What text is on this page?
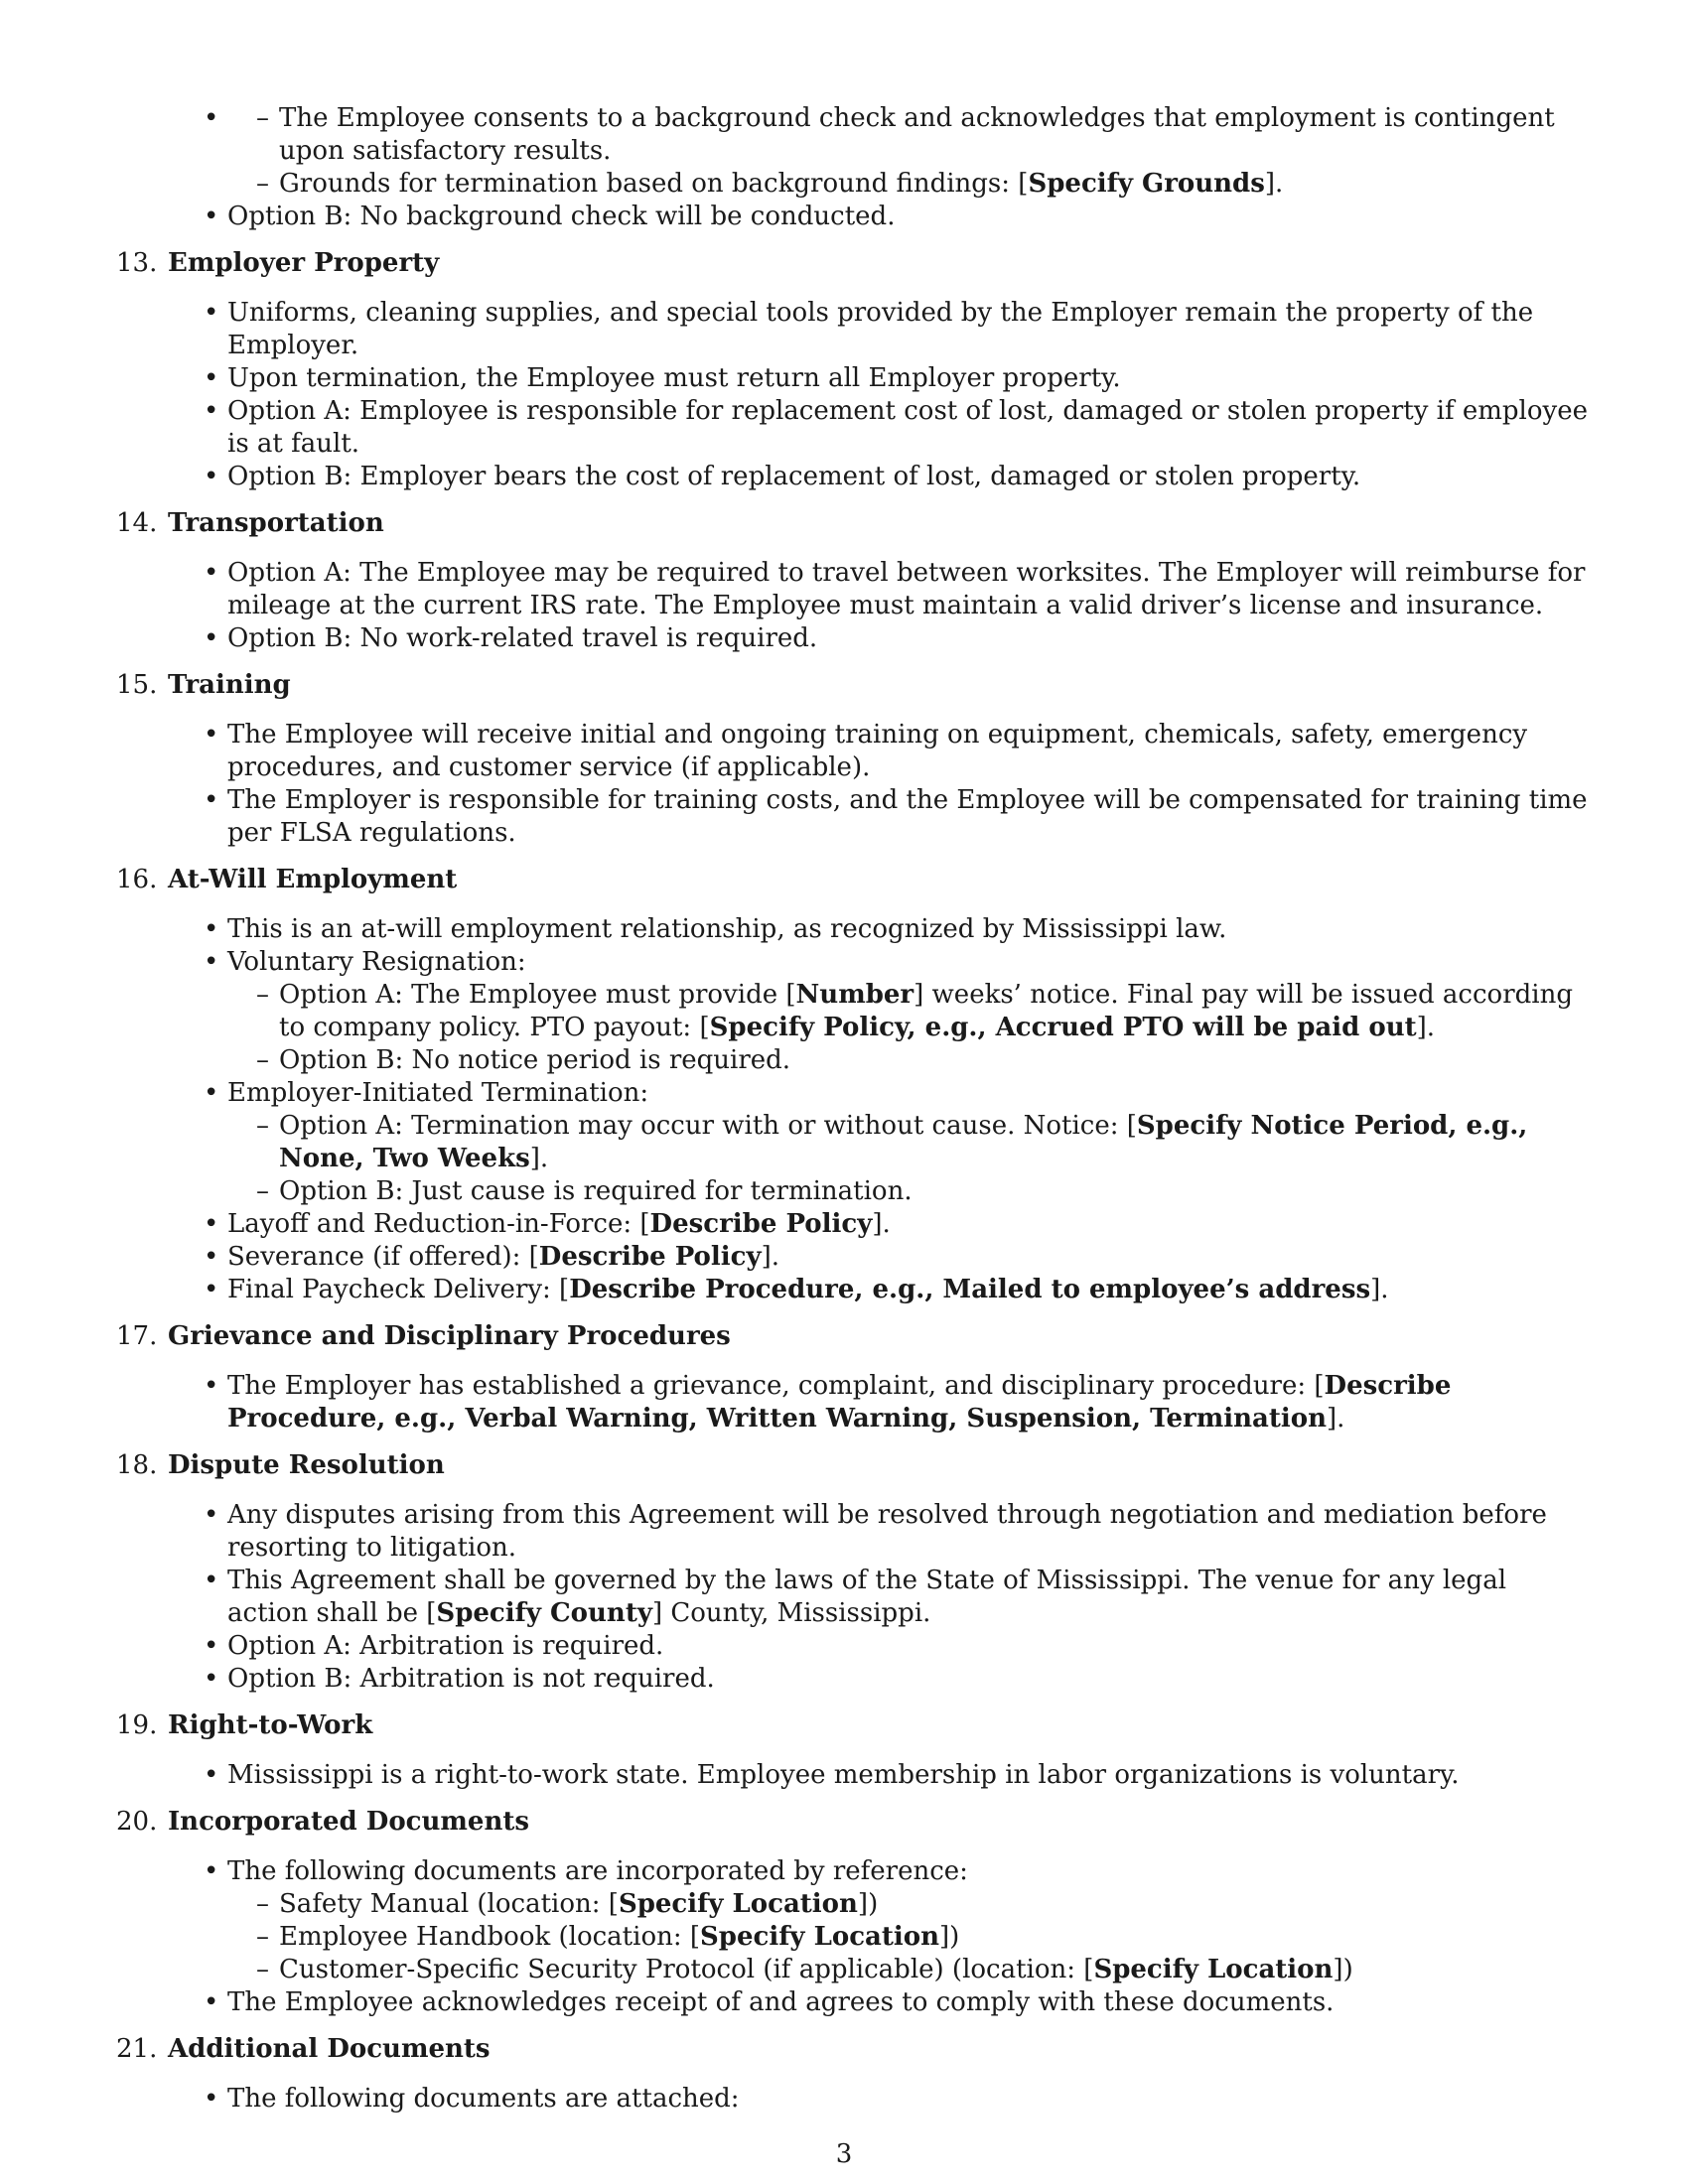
– The Employee consents to a background check and acknowledges that employment is contingent upon satisfactory results.
– Grounds for termination based on background findings: [Specify Grounds].
• Option B: No background check will be conducted.
13. Employer Property
• Uniforms, cleaning supplies, and special tools provided by the Employer remain the property of the Employer.
• Upon termination, the Employee must return all Employer property.
• Option A: Employee is responsible for replacement cost of lost, damaged or stolen property if employee is at fault.
• Option B: Employer bears the cost of replacement of lost, damaged or stolen property.
14. Transportation
• Option A: The Employee may be required to travel between worksites. The Employer will reimburse for mileage at the current IRS rate. The Employee must maintain a valid driver’s license and insurance.
• Option B: No work-related travel is required.
15. Training
• The Employee will receive initial and ongoing training on equipment, chemicals, safety, emergency procedures, and customer service (if applicable).
• The Employer is responsible for training costs, and the Employee will be compensated for training time per FLSA regulations.
16. At-Will Employment
• This is an at-will employment relationship, as recognized by Mississippi law.
• Voluntary Resignation:
– Option A: The Employee must provide [Number] weeks’ notice. Final pay will be issued according to company policy. PTO payout: [Specify Policy, e.g., Accrued PTO will be paid out].
– Option B: No notice period is required.
• Employer-Initiated Termination:
– Option A: Termination may occur with or without cause. Notice: [Specify Notice Period, e.g., None, Two Weeks].
– Option B: Just cause is required for termination.
• Layoff and Reduction-in-Force: [Describe Policy].
• Severance (if offered): [Describe Policy].
• Final Paycheck Delivery: [Describe Procedure, e.g., Mailed to employee’s address].
17. Grievance and Disciplinary Procedures
• The Employer has established a grievance, complaint, and disciplinary procedure: [Describe Procedure, e.g., Verbal Warning, Written Warning, Suspension, Termination].
18. Dispute Resolution
• Any disputes arising from this Agreement will be resolved through negotiation and mediation before resorting to litigation.
• This Agreement shall be governed by the laws of the State of Mississippi. The venue for any legal action shall be [Specify County] County, Mississippi.
• Option A: Arbitration is required.
• Option B: Arbitration is not required.
19. Right-to-Work
• Mississippi is a right-to-work state. Employee membership in labor organizations is voluntary.
20. Incorporated Documents
• The following documents are incorporated by reference:
– Safety Manual (location: [Specify Location])
– Employee Handbook (location: [Specify Location])
– Customer-Specific Security Protocol (if applicable) (location: [Specify Location])
• The Employee acknowledges receipt of and agrees to comply with these documents.
21. Additional Documents
• The following documents are attached:
3
